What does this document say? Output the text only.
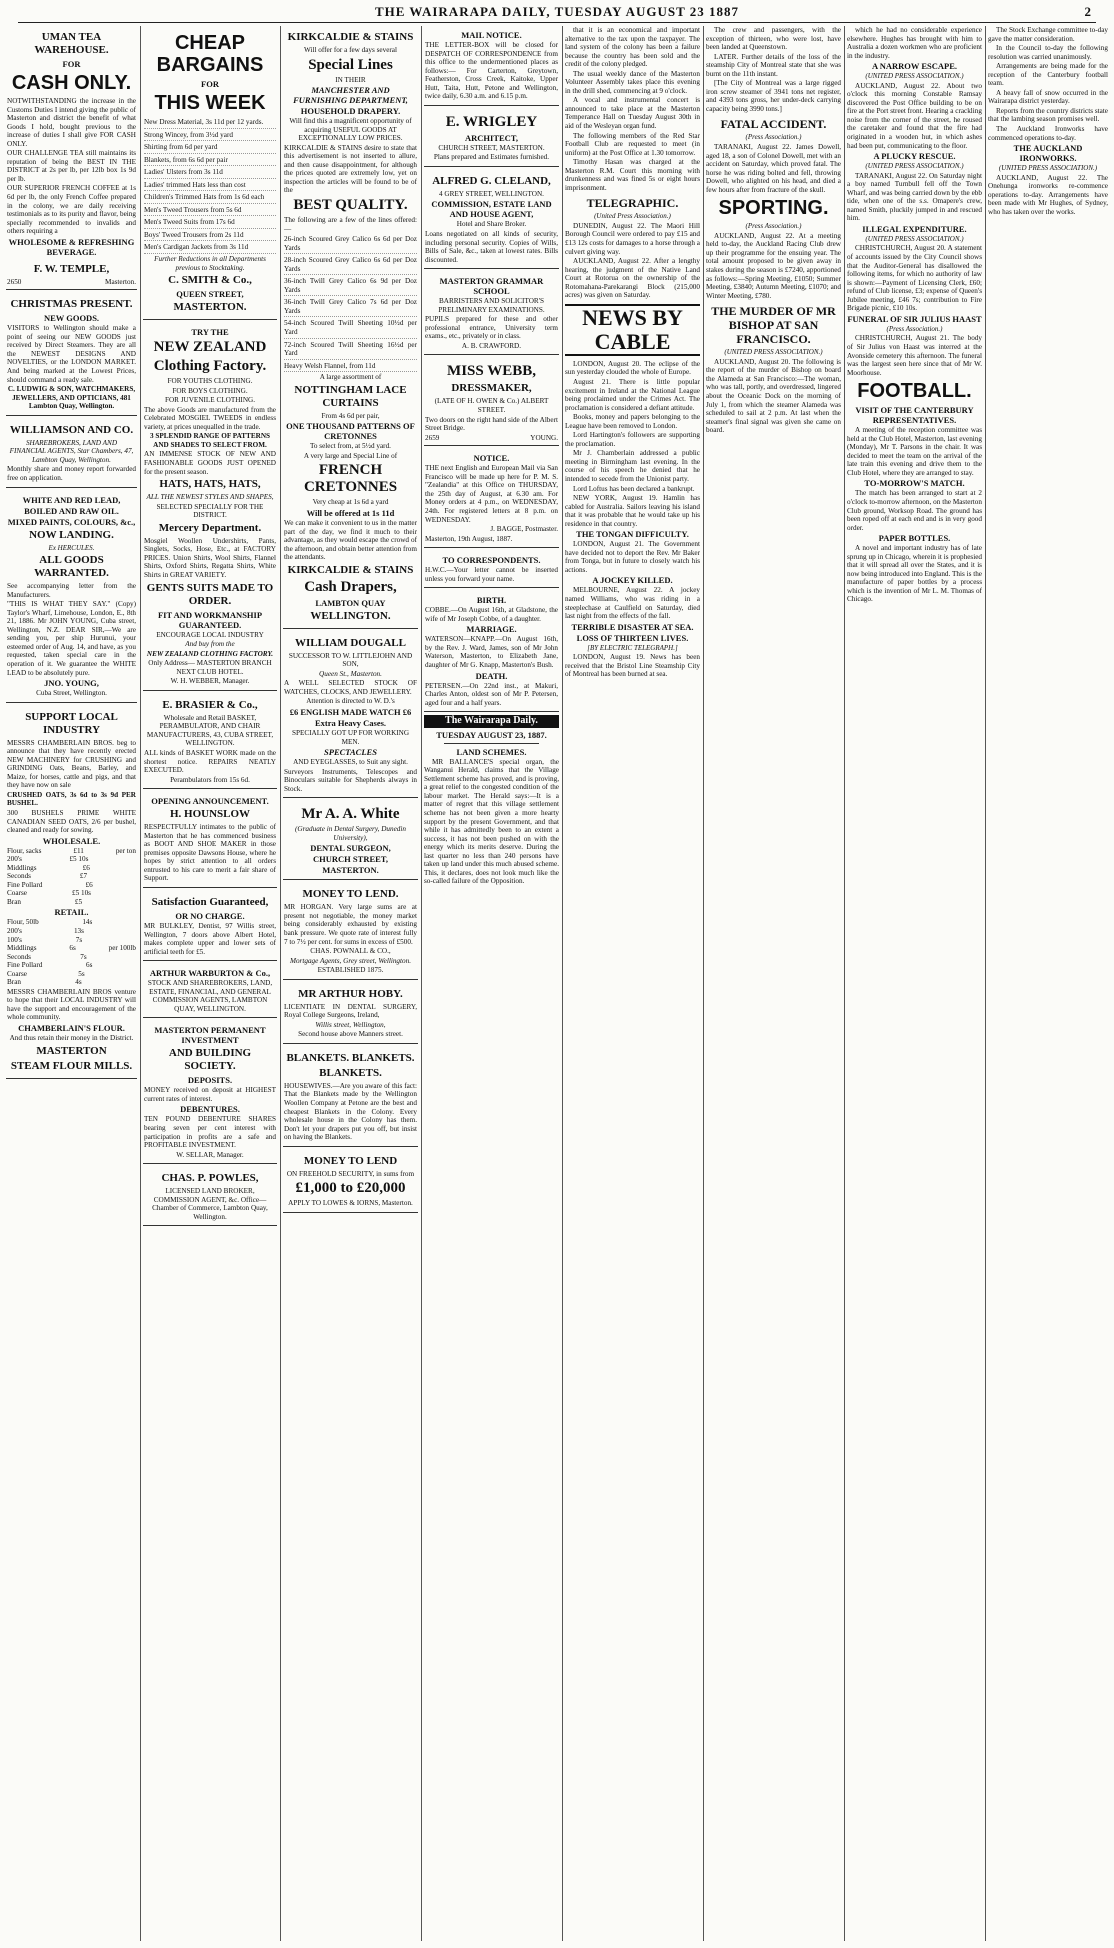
THE WAIRARAPA DAILY, TUESDAY AUGUST 23 1887	2
UMAN TEA WAREHOUSE.
FOR
CASH ONLY.

NOTWITHSTANDING the increase in the Customs Duties I intend giving the public of Masterton and district the benefit of what Goods I hold, bought previous to the increase of duties I shall give FOR CASH ONLY.

OUR CHALLENGE TEA still maintains its reputation of being the BEST IN THE DISTRICT at 2s per lb, per 12lb box 1s 9d per lb.

OUR SUPERIOR FRENCH COFFEE at 1s 6d per lb, the only French Coffee prepared in the colony, we are daily receiving testimonials as to its purity and flavor, being specially recommended to invalids and others requiring a

WHOLESOME & REFRESHING BEVERAGE.
F. W. TEMPLE,
2650	Masterton.
CHRISTMAS PRESENT.
NEW GOODS.

VISITORS to Wellington should make a point of seeing our NEW GOODS just received by Direct Steamers. They are all the NEWEST DESIGNS AND NOVELTIES, or the LONDON MARKET. And being marked at the Lowest Prices, should command a ready sale.

C. LUDWIG & SON, WATCHMAKERS, JEWELLERS, AND OPTICIANS, 481 Lambton Quay, Wellington.

WILLIAMSON AND CO.

SHAREBROKERS, LAND AND FINANCIAL AGENTS, Star Chambers, 47, Lambton Quay, Wellington.

Monthly share and money report forwarded free on application.

WHITE AND RED LEAD,
BOILED AND RAW OIL.
MIXED PAINTS, COLOURS, &c.,
NOW LANDING.
Ex HERCULES.
ALL GOODS WARRANTED.

See accompanying letter from the Manufacturers.

"THIS IS WHAT THEY SAY." (Copy) Taylor's Wharf, Limehouse, London, E., 8th 21, 1886. Mr JOHN YOUNG, Cuba street, Wellington, N.Z. DEAR SIR,—We are sending you, per ship Hurunui, your esteemed order of Aug. 14, and have, as you requested, taken special care in the operation of it. We guarantee the WHITE LEAD to be absolutely pure.

JNO. YOUNG,

Cuba Street, Wellington.

SUPPORT LOCAL INDUSTRY

MESSRS CHAMBERLAIN BROS. beg to announce that they have recently erected NEW MACHINERY for CRUSHING and GRINDING Oats, Beans, Barley, and Maize, for horses, cattle and pigs, and that they have now on sale

CRUSHED OATS, 3s 6d to 3s 9d PER BUSHEL.

300 BUSHELS PRIME WHITE CANADIAN SEED OATS, 2/6 per bushel, cleaned and ready for sowing.

WHOLESALE.
Flour, sacks	£11	per ton
200's	£5 10s
Middlings	£6
Seconds	£7
Fine Pollard	£6
Coarse	£5 10s
Bran	£5
RETAIL.
Flour, 50lb	14s
200's	13s
100's	7s
Middlings	6s	per 100lb
Seconds	7s
Fine Pollard	6s
Coarse	5s
Bran	4s

MESSRS CHAMBERLAIN BROS venture to hope that their LOCAL INDUSTRY will have the support and encouragement of the whole community.

CHAMBERLAIN'S FLOUR.

And thus retain their money in the District.

MASTERTON
STEAM FLOUR MILLS.
CHEAP BARGAINS
FOR
THIS WEEK

New Dress Material, 3s 11d per 12 yards.

Strong Wincey, from 3½d yard

Shirting from 6d per yard

Blankets, from 6s 6d per pair

Ladies' Ulsters from 3s 11d

Ladies' trimmed Hats less than cost

Children's Trimmed Hats from 1s 6d each

Men's Tweed Trousers from 5s 6d

Men's Tweed Suits from 17s 6d

Boys' Tweed Trousers from 2s 11d

Men's Cardigan Jackets from 3s 11d

Further Reductions in all Departments previous to Stocktaking.

C. SMITH & Co.,
QUEEN STREET,
MASTERTON.
TRY THE
NEW ZEALAND
Clothing Factory.

FOR YOUTHS CLOTHING.

FOR BOYS CLOTHING.

FOR JUVENILE CLOTHING.

The above Goods are manufactured from the Celebrated MOSGIEL TWEEDS in endless variety, at prices unequalled in the trade.

3 SPLENDID RANGE OF PATTERNS AND SHADES TO SELECT FROM.

AN IMMENSE STOCK OF NEW AND FASHIONABLE GOODS JUST OPENED for the present season.

HATS, HATS, HATS,

ALL THE NEWEST STYLES AND SHAPES,

SELECTED SPECIALLY FOR THE DISTRICT.

Mercery Department.

Mosgiel Woollen Undershirts, Pants, Singlets, Socks, Hose, Etc., at FACTORY PRICES. Union Shirts, Wool Shirts, Flannel Shirts, Oxford Shirts, Regatta Shirts, White Shirts in GREAT VARIETY.

GENTS SUITS MADE TO ORDER.
FIT AND WORKMANSHIP GUARANTEED.

ENCOURAGE LOCAL INDUSTRY

And buy from the

NEW ZEALAND CLOTHING FACTORY.

Only Address— MASTERTON BRANCH NEXT CLUB HOTEL.

W. H. WEBBER, Manager.

E. BRASIER & Co.,

Wholesale and Retail BASKET, PERAMBULATOR, AND CHAIR MANUFACTURERS, 43, CUBA STREET, WELLINGTON.

ALL kinds of BASKET WORK made on the shortest notice. REPAIRS NEATLY EXECUTED.

Perambulators from 15s 6d.

OPENING ANNOUNCEMENT.
H. HOUNSLOW

RESPECTFULLY intimates to the public of Masterton that he has commenced business as BOOT AND SHOE MAKER in those premises opposite Dawsons House, where he hopes by strict attention to all orders entrusted to his care to merit a fair share of Support.

Satisfaction Guaranteed,
OR NO CHARGE.

MR BULKLEY, Dentist, 97 Willis street, Wellington, 7 doors above Albert Hotel, makes complete upper and lower sets of artificial teeth for £5.

ARTHUR WARBURTON & Co.,

STOCK AND SHAREBROKERS, LAND, ESTATE, FINANCIAL, AND GENERAL COMMISSION AGENTS, LAMBTON QUAY, WELLINGTON.

MASTERTON PERMANENT INVESTMENT
AND BUILDING SOCIETY.
DEPOSITS.

MONEY received on deposit at HIGHEST current rates of interest.

DEBENTURES.

TEN POUND DEBENTURE SHARES bearing seven per cent interest with participation in profits are a safe and PROFITABLE INVESTMENT.

W. SELLAR, Manager.

CHAS. P. POWLES,

LICENSED LAND BROKER, COMMISSION AGENT, &c. Office—Chamber of Commerce, Lambton Quay, Wellington.

KIRKCALDIE & STAINS

Will offer for a few days several

Special Lines

IN THEIR

MANCHESTER AND FURNISHING DEPARTMENT,
HOUSEHOLD DRAPERY.

Will find this a magnificent opportunity of acquiring USEFUL GOODS AT EXCEPTIONALLY LOW PRICES.

KIRKCALDIE & STAINS desire to state that this advertisement is not inserted to allure, and then cause disappointment, for although the prices quoted are extremely low, yet on inspection the articles will be found to be of the

BEST QUALITY.

The following are a few of the lines offered:—

26-inch Scoured Grey Calico 6s 6d per Doz Yards

28-inch Scoured Grey Calico 6s 6d per Doz Yards

36-inch Twill Grey Calico 6s 9d per Doz Yards

36-inch Twill Grey Calico 7s 6d per Doz Yards

54-inch Scoured Twill Sheeting 10½d per Yard

72-inch Scoured Twill Sheeting 16½d per Yard

Heavy Welsh Flannel, from 11d

A large assortment of

NOTTINGHAM LACE CURTAINS

From 4s 6d per pair,

ONE THOUSAND PATTERNS OF CRETONNES

To select from, at 5½d yard.

A very large and Special Line of

FRENCH CRETONNES

Very cheap at 1s 6d a yard

Will be offered at 1s 11d

We can make it convenient to us in the matter part of the day, we find it much to their advantage, as they would escape the crowd of the afternoon, and obtain better attention from the attendants.

KIRKCALDIE & STAINS
Cash Drapers,
LAMBTON QUAY
WELLINGTON.
WILLIAM DOUGALL

SUCCESSOR TO W. LITTLEJOHN AND SON,

Queen St., Masterton.

A WELL SELECTED STOCK OF WATCHES, CLOCKS, AND JEWELLERY.

Attention is directed to W. D.'s

£6 ENGLISH MADE WATCH £6
Extra Heavy Cases.

SPECIALLY GOT UP FOR WORKING MEN.

SPECTACLES

AND EYEGLASSES, to Suit any sight.

Surveyors Instruments, Telescopes and Binoculars suitable for Shepherds always in Stock.

Mr A. A. White

(Graduate in Dental Surgery, Dunedin University),

DENTAL SURGEON,
CHURCH STREET,
MASTERTON.
MONEY TO LEND.

MR HORGAN. Very large sums are at present not negotiable, the money market being considerably exhausted by existing bank pressure. We quote rate of interest fully 7 to 7½ per cent. for sums in excess of £500.

CHAS. POWNALL & CO.,

Mortgage Agents, Grey street, Wellington.

ESTABLISHED 1875.

MR ARTHUR HOBY.

LICENTIATE IN DENTAL SURGERY, Royal College Surgeons, Ireland,

Willis street, Wellington,

Second house above Manners street.

BLANKETS. BLANKETS.
BLANKETS.

HOUSEWIVES.—Are you aware of this fact: That the Blankets made by the Wellington Woollen Company at Petone are the best and cheapest Blankets in the Colony. Every wholesale house in the Colony has them. Don't let your drapers put you off, but insist on having the Blankets.

MONEY TO LEND

ON FREEHOLD SECURITY, in sums from

£1,000 to £20,000

APPLY TO LOWES & IORNS, Masterton.

MAIL NOTICE.

THE LETTER-BOX will be closed for DESPATCH OF CORRESPONDENCE from this office to the undermentioned places as follows:— For Carterton, Greytown, Featherston, Cross Creek, Kaitoke, Upper Hutt, Taita, Hutt, Petone and Wellington, twice daily, 6.30 a.m. and 6.15 p.m.

E. WRIGLEY
ARCHITECT,

CHURCH STREET, MASTERTON.

Plans prepared and Estimates furnished.

ALFRED G. CLELAND,

4 GREY STREET, WELLINGTON.

COMMISSION, ESTATE LAND AND HOUSE AGENT,

Hotel and Share Broker.

Loans negotiated on all kinds of security, including personal security. Copies of Wills, Bills of Sale, &c., taken at lowest rates. Bills discounted.

MASTERTON GRAMMAR SCHOOL

BARRISTERS AND SOLICITOR'S PRELIMINARY EXAMINATIONS.

PUPILS prepared for these and other professional entrance, University term exams., etc., privately or in class.

A. B. CRAWFORD.

MISS WEBB,
DRESSMAKER,

(LATE OF H. OWEN & Co.) ALBERT STREET.

Two doors on the right hand side of the Albert Street Bridge.

2659	YOUNG.
NOTICE.

THE next English and European Mail via San Francisco will be made up here for P. M. S. "Zealandia" at this Office on THURSDAY, the 25th day of August, at 6.30 am. For Money orders at 4 p.m., on WEDNESDAY, 24th. For registered letters at 8 p.m. on WEDNESDAY.

J. BAGGE, Postmaster.

Masterton, 19th August, 1887.

TO CORRESPONDENTS.

H.W.C.—Your letter cannot be inserted unless you forward your name.

BIRTH.

COBBE.—On August 16th, at Gladstone, the wife of Mr Joseph Cobbe, of a daughter.

MARRIAGE.

WATERSON—KNAPP.—On August 16th, by the Rev. J. Ward, James, son of Mr John Waterson, Masterton, to Elizabeth Jane, daughter of Mr G. Knapp, Masterton's Bush.

DEATH.

PETERSEN.—On 22nd inst., at Makuri, Charles Anton, oldest son of Mr P. Petersen, aged four and a half years.

The Wairarapa Daily.
TUESDAY AUGUST 23, 1887.
LAND SCHEMES.

MR BALLANCE'S special organ, the Wanganui Herald, claims that the Village Settlement scheme has proved, and is proving, a great relief to the congested condition of the labour market. The Herald says:—It is a matter of regret that this village settlement scheme has not been given a more hearty support by the present Government, and that while it has admittedly been to an extent a success, it has not been pushed on with the energy which its merits deserve. During the last quarter no less than 240 persons have taken up land under this much abused scheme. This, it declares, does not look much like the so-called failure of the Opposition.

that it is an economical and important alternative to the tax upon the taxpayer. The land system of the colony has been a failure because the country has been sold and the credit of the colony pledged.

The usual weekly dance of the Masterton Volunteer Assembly takes place this evening in the drill shed, commencing at 9 o'clock.

A vocal and instrumental concert is announced to take place at the Masterton Temperance Hall on Tuesday August 30th in aid of the Wesleyan organ fund.

The following members of the Red Star Football Club are requested to meet (in uniform) at the Post Office at 1.30 tomorrow.

Timothy Hasan was charged at the Masterton R.M. Court this morning with drunkenness and was fined 5s or eight hours imprisonment.

TELEGRAPHIC.
(United Press Association.)

DUNEDIN, August 22. The Maori Hill Borough Council were ordered to pay £15 and £13 12s costs for damages to a horse through a culvert giving way.

AUCKLAND, August 22. After a lengthy hearing, the judgment of the Native Land Court at Rotorua on the ownership of the Rotomahana-Parekarangi Block (215,000 acres) was given on Saturday.

NEWS BY CABLE

LONDON, August 20. The eclipse of the sun yesterday clouded the whole of Europe.

August 21. There is little popular excitement in Ireland at the National League being proclaimed under the Crimes Act. The proclamation is considered a defiant attitude.

Books, money and papers belonging to the League have been removed to London.

Lord Hartington's followers are supporting the proclamation.

Mr J. Chamberlain addressed a public meeting in Birmingham last evening. In the course of his speech he denied that he intended to secede from the Unionist party.

Lord Loftus has been declared a bankrupt.

NEW YORK, August 19. Hamlin has cabled for Australia. Sailors leaving his island that it was probable that he would take up his residence in that country.

THE TONGAN DIFFICULTY.

LONDON, August 21. The Government have decided not to deport the Rev. Mr Baker from Tonga, but in future to closely watch his actions.

A JOCKEY KILLED.

MELBOURNE, August 22. A jockey named Williams, who was riding in a steeplechase at Caulfield on Saturday, died last night from the effects of the fall.

TERRIBLE DISASTER AT SEA.
LOSS OF THIRTEEN LIVES.
[BY ELECTRIC TELEGRAPH.]

LONDON, August 19. News has been received that the Bristol Line Steamship City of Montreal has been burned at sea.

The crew and passengers, with the exception of thirteen, who were lost, have been landed at Queenstown.

LATER. Further details of the loss of the steamship City of Montreal state that she was burnt on the 11th instant.

[The City of Montreal was a large rigged iron screw steamer of 3941 tons net register, and 4393 tons gross, her under-deck carrying capacity being 3990 tons.]

FATAL ACCIDENT.
(Press Association.)

TARANAKI, August 22. James Dowell, aged 18, a son of Colonel Dowell, met with an accident on Saturday, which proved fatal. The horse he was riding bolted and fell, throwing Dowell, who alighted on his head, and died a few hours after from fracture of the skull.

SPORTING.
(Press Association.)

AUCKLAND, August 22. At a meeting held to-day, the Auckland Racing Club drew up their programme for the ensuing year. The total amount proposed to be given away in stakes during the season is £7240, apportioned as follows:—Spring Meeting, £1050; Summer Meeting, £3840; Autumn Meeting, £1070; and Winter Meeting, £780.

THE MURDER OF MR BISHOP AT SAN FRANCISCO.
(UNITED PRESS ASSOCIATION.)

AUCKLAND, August 20. The following is the report of the murder of Bishop on board the Alameda at San Francisco:—The woman, who was tall, portly, and overdressed, lingered about the Oceanic Dock on the morning of July 1, from which the steamer Alameda was scheduled to sail at 2 p.m. At last when the steamer's final signal was given she came on board.

which he had no considerable experience elsewhere. Hughes has brought with him to Australia a dozen workmen who are proficient in the industry.

A NARROW ESCAPE.
(UNITED PRESS ASSOCIATION.)

AUCKLAND, August 22. About two o'clock this morning Constable Ramsay discovered the Post Office building to be on fire at the Port street front. Hearing a crackling noise from the corner of the street, he roused the caretaker and found that the fire had originated in a wooden hut, in which ashes had been put, communicating to the floor.

A PLUCKY RESCUE.
(UNITED PRESS ASSOCIATION.)

TARANAKI, August 22. On Saturday night a boy named Turnbull fell off the Town Wharf, and was being carried down by the ebb tide, when one of the s.s. Omapere's crew, named Smith, pluckily jumped in and rescued him.

ILLEGAL EXPENDITURE.
(UNITED PRESS ASSOCIATION.)

CHRISTCHURCH, August 20. A statement of accounts issued by the City Council shows that the Auditor-General has disallowed the following items, for which no authority of law is shown:—Payment of Licensing Clerk, £60; refund of Club license, £3; expense of Queen's Jubilee meeting, £46 7s; contribution to Fire Brigade picnic, £10 10s.

FUNERAL OF SIR JULIUS HAAST
(Press Association.)

CHRISTCHURCH, August 21. The body of Sir Julius von Haast was interred at the Avonside cemetery this afternoon. The funeral was the largest seen here since that of Mr W. Moorhouse.

FOOTBALL.
VISIT OF THE CANTERBURY REPRESENTATIVES.

A meeting of the reception committee was held at the Club Hotel, Masterton, last evening (Monday), Mr T. Parsons in the chair. It was decided to meet the team on the arrival of the late train this evening and drive them to the Club Hotel, where they are arranged to stay.

TO-MORROW'S MATCH.

The match has been arranged to start at 2 o'clock to-morrow afternoon, on the Masterton Club ground, Worksop Road. The ground has been roped off at each end and is in very good order.

PAPER BOTTLES.

A novel and important industry has of late sprung up in Chicago, wherein it is prophesied that it will spread all over the States, and it is now being introduced into England. This is the manufacture of paper bottles by a process which is the invention of Mr L. M. Thomas of Chicago.

The Stock Exchange committee to-day gave the matter consideration.

In the Council to-day the following resolution was carried unanimously.

Arrangements are being made for the reception of the Canterbury football team.

A heavy fall of snow occurred in the Wairarapa district yesterday.

Reports from the country districts state that the lambing season promises well.

The Auckland Ironworks have commenced operations to-day.

THE AUCKLAND IRONWORKS.
(UNITED PRESS ASSOCIATION.)

AUCKLAND, August 22. The Onehunga ironworks re-commence operations to-day. Arrangements have been made with Mr Hughes, of Sydney, who has taken over the works.
